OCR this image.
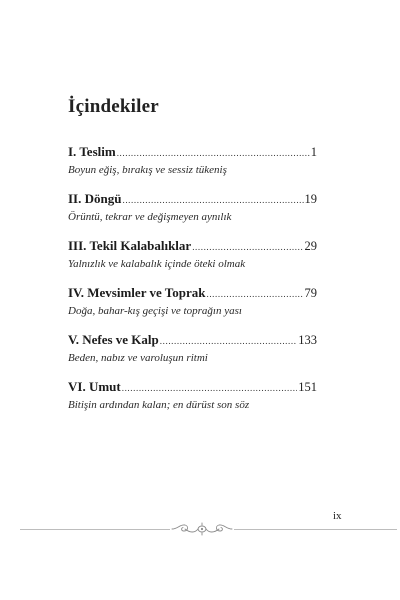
İçindekiler
I. Teslim .....	1
Boyun eğiş, bırakış ve sessiz tükeniş
II. Döngü .....	19
Örüntü, tekrar ve değişmeyen aynılık
III. Tekil Kalabalıklar .....	29
Yalnızlık ve kalabalık içinde öteki olmak
IV. Mevsimler ve Toprak .....	79
Doğa, bahar-kış geçişi ve toprağın yası
V. Nefes ve Kalp .....	133
Beden, nabız ve varoluşun ritmi
VI. Umut .....	151
Bitişin ardından kalan; en dürüst son söz
ix
